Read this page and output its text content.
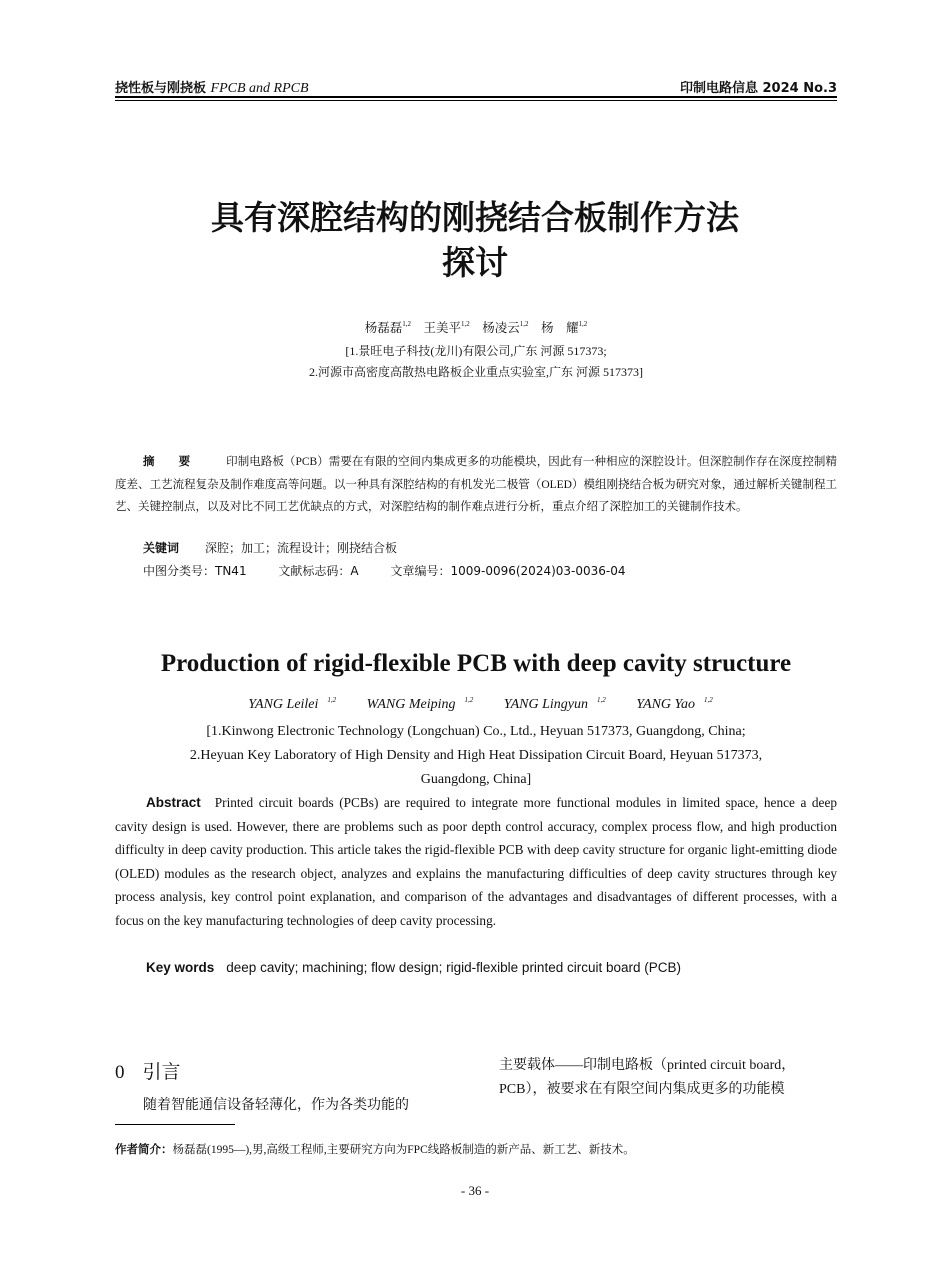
挠性板与刚挠板 FPCB and RPCB	印制电路信息 2024 No.3
具有深腔结构的刚挠结合板制作方法
探讨
杨磊磊$^{1,2}$ 王美平$^{1,2}$ 杨凌云$^{1,2}$ 杨　耀$^{1,2}$
[1.景旺电子科技(龙川)有限公司,广东 河源 517373;
2.河源市高密度高散热电路板企业重点实验室,广东 河源 517373]
摘 要 印制电路板（PCB）需要在有限的空间内集成更多的功能模块，因此有一种相应的深腔设计。但深腔制作存在深度控制精度差、工艺流程复杂及制作难度高等问题。以一种具有深腔结构的有机发光二极管（OLED）模组刚挠结合板为研究对象，通过解析关键制程工艺、关键控制点，以及对比不同工艺优缺点的方式，对深腔结构的制作难点进行分析，重点介绍了深腔加工的关键制作技术。
关键词 深腔；加工；流程设计；刚挠结合板
中图分类号：TN41	文献标志码：A	文章编号：1009-0096(2024)03-0036-04
Production of rigid-flexible PCB with deep cavity structure
YANG Leilei $^{1,2}$ WANG Meiping $^{1,2}$ YANG Lingyun $^{1,2}$ YANG Yao $^{1,2}$
[1.Kinwong Electronic Technology (Longchuan) Co., Ltd., Heyuan 517373, Guangdong, China;
2.Heyuan Key Laboratory of High Density and High Heat Dissipation Circuit Board, Heyuan 517373,
Guangdong, China]
Abstract Printed circuit boards (PCBs) are required to integrate more functional modules in limited space, hence a deep cavity design is used. However, there are problems such as poor depth control accuracy, complex process flow, and high production difficulty in deep cavity production. This article takes the rigid-flexible PCB with deep cavity structure for organic light-emitting diode (OLED) modules as the research object, analyzes and explains the manufacturing difficulties of deep cavity structures through key process analysis, key control point explanation, and comparison of the advantages and disadvantages of different processes, with a focus on the key manufacturing technologies of deep cavity processing.
Key words deep cavity; machining; flow design; rigid-flexible printed circuit board (PCB)
0 引言
随着智能通信设备轻薄化，作为各类功能的
主要载体——印制电路板（printed circuit board，
PCB），被要求在有限空间内集成更多的功能模
作者简介：杨磊磊(1995—),男,高级工程师,主要研究方向为FPC线路板制造的新产品、新工艺、新技术。
- 36 -
